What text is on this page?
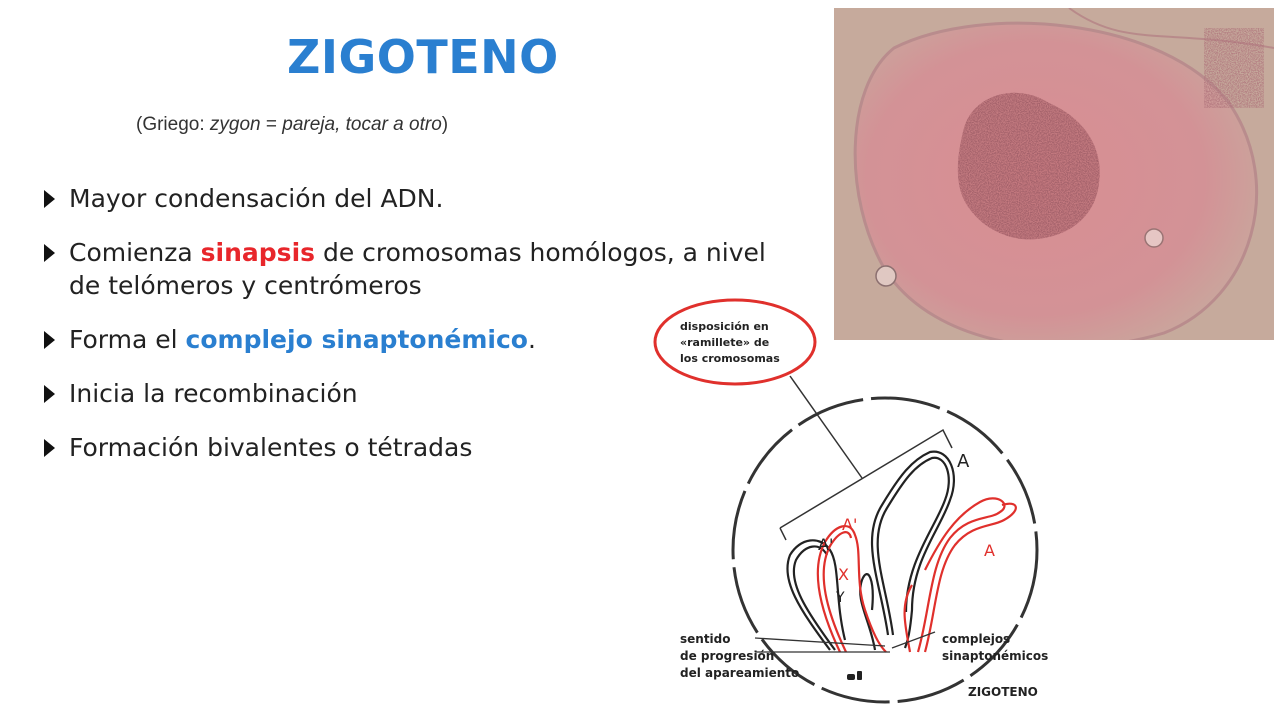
ZIGOTENO
(Griego: zygon = pareja, tocar a otro)
Mayor condensación del ADN.
Comienza sinapsis de cromosomas homólogos, a nivel de telómeros y centrómeros
Forma el complejo sinaptonémico.
Inicia la recombinación
Formación bivalentes o tétradas
disposición en
«ramillete» de
los cromosomas
A
A'
A'	A
X
Y
sentido
de progresión
del apareamiento
complejos
sinaptonémicos
ZIGOTENO
